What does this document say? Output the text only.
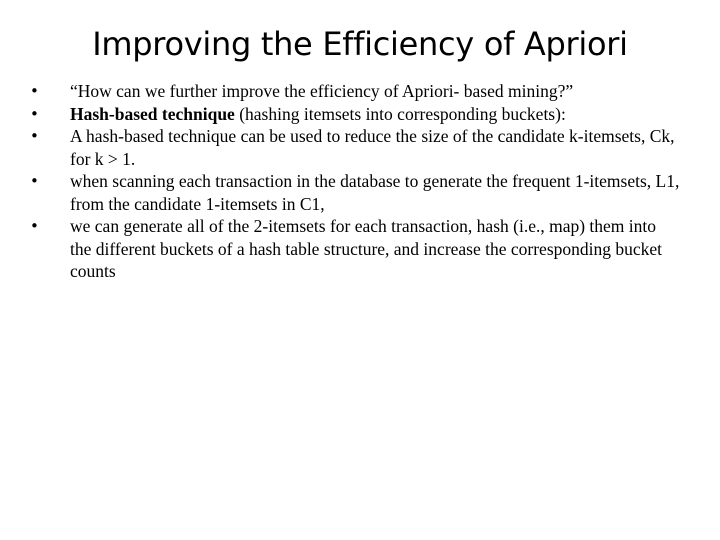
Improving the Efficiency of Apriori
•	“How can we further improve the efficiency of Apriori- based mining?”
•	Hash-based technique (hashing itemsets into corresponding buckets):
•	A hash-based technique can be used to reduce the size of the candidate k-itemsets, Ck, for k > 1.
•	when scanning each transaction in the database to generate the frequent 1-itemsets, L1, from the candidate 1-itemsets in C1,
•	we can generate all of the 2-itemsets for each transaction, hash (i.e., map) them into the different buckets of a hash table structure, and increase the corresponding bucket counts
